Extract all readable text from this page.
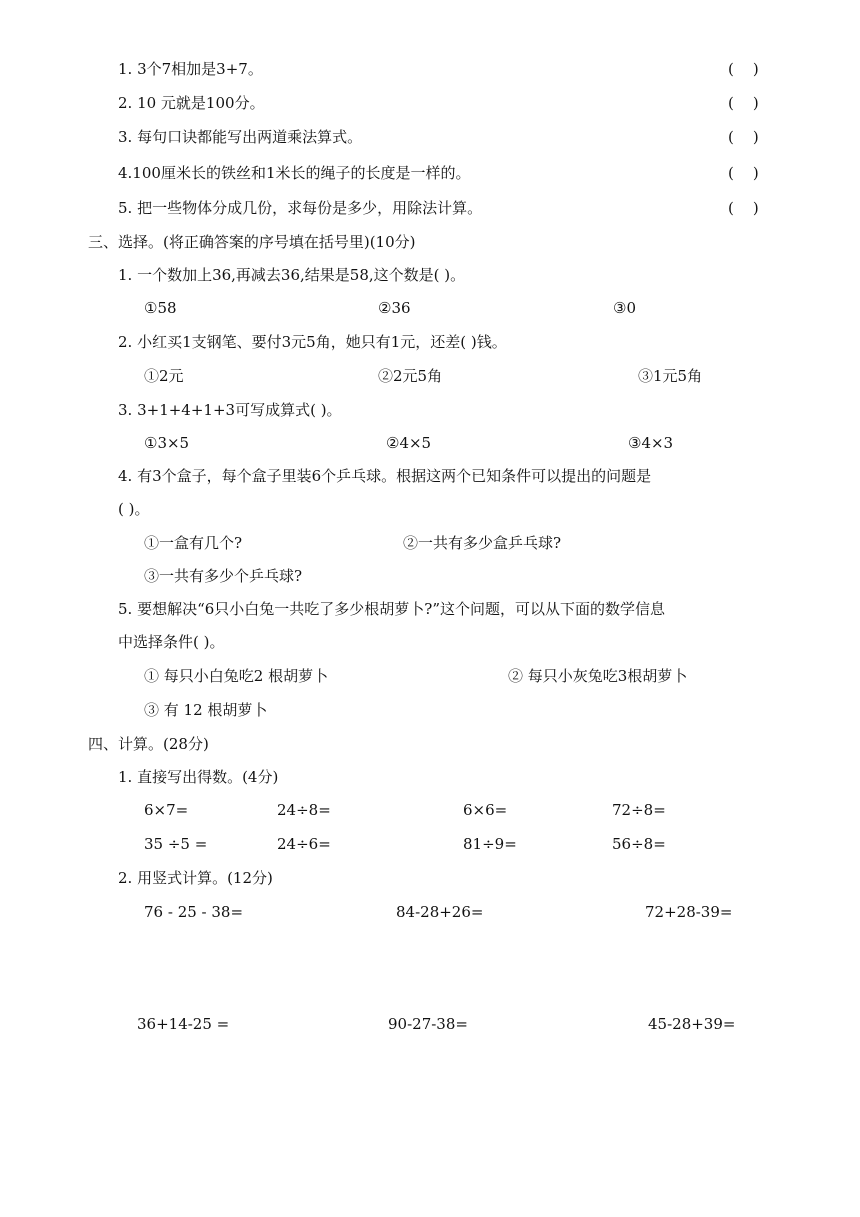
1. 3个7相加是3+7。	(    )
2. 10 元就是100分。	(    )
3. 每句口诀都能写出两道乘法算式。	(    )
4.100厘米长的铁丝和1米长的绳子的长度是一样的。	(    )
5. 把一些物体分成几份，求每份是多少，用除法计算。	(    )
三、选择。(将正确答案的序号填在括号里)(10分)
1. 一个数加上36,再减去36,结果是58,这个数是( )。
①58	②36	③0
2. 小红买1支钢笔、要付3元5角，她只有1元，还差( )钱。
①2元	②2元5角	③1元5角
3. 3+1+4+1+3可写成算式( )。
①3×5	②4×5	③4×3
4. 有3个盒子，每个盒子里装6个乒乓球。根据这两个已知条件可以提出的问题是
( )。
①一盒有几个?	②一共有多少盒乒乓球?
③一共有多少个乒乓球?
5. 要想解决“6只小白兔一共吃了多少根胡萝卜?”这个问题，可以从下面的数学信息
中选择条件( )。
① 每只小白兔吃2 根胡萝卜	② 每只小灰兔吃3根胡萝卜
③ 有 12 根胡萝卜
四、计算。(28分)
1. 直接写出得数。(4分)
6×7=	24÷8=	6×6=	72÷8=
35 ÷5 =	24÷6=	81÷9=	56÷8=
2. 用竖式计算。(12分)
76 - 25 - 38=	84-28+26=	72+28-39=
36+14-25 =	90-27-38=	45-28+39=
